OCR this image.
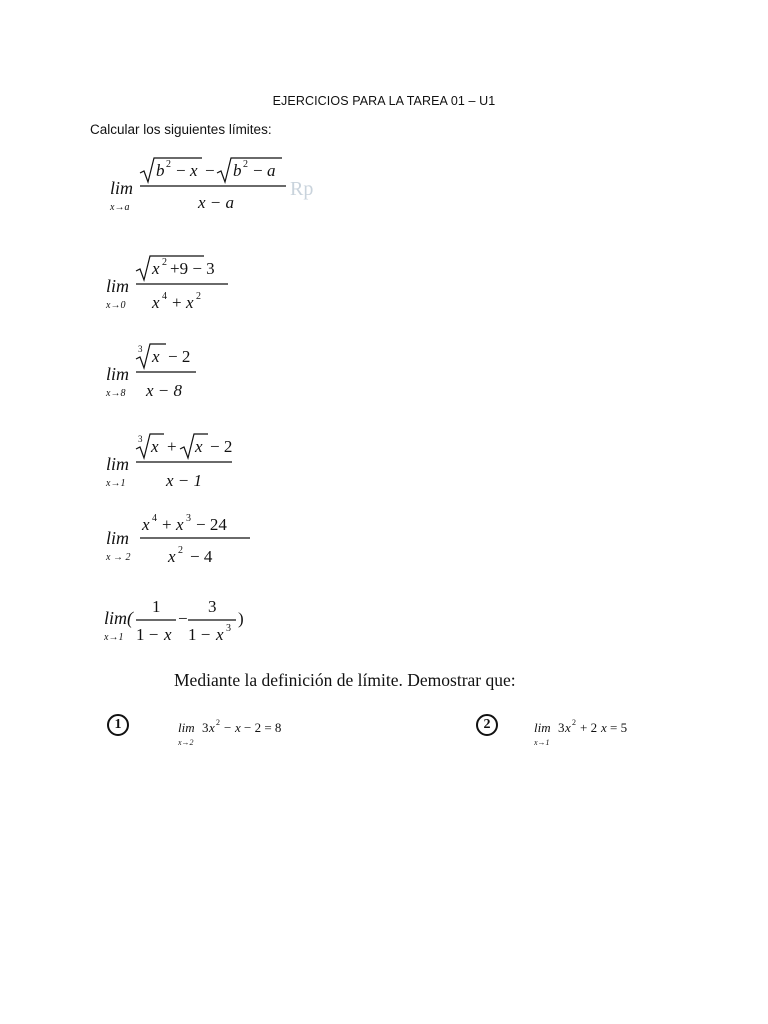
EJERCICIOS PARA LA TAREA 01 – U1
Calcular los siguientes límites:
lim
x→a
b 2 − x − b 2 − a
x − a
Rp
lim
x→0
x 2 +9 − 3
x 4 + x 2
lim
x→8
3 x − 2
x − 8
lim
x→1
3 x + x − 2
x − 1
lim
x → 2
x 4 + x 3 − 24
x 2 − 4
lim(
x→1
1
1 − x
−
3
1 − x 3
)
Mediante la definición de límite. Demostrar que:
1	lim 3 x 2 − x − 2 = 8
x→2
2	lim 3 x 2 + 2 x = 5
x→1
